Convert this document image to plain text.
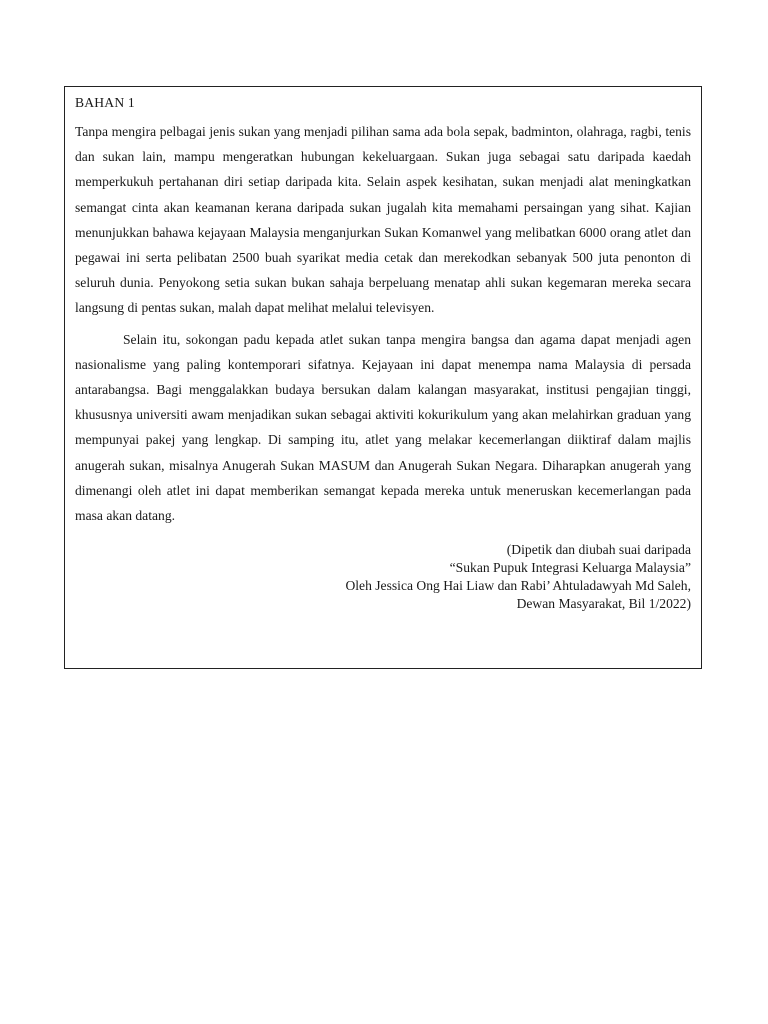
BAHAN 1

Tanpa mengira pelbagai jenis sukan yang menjadi pilihan sama ada bola sepak, badminton, olahraga, ragbi, tenis dan sukan lain, mampu mengeratkan hubungan kekeluargaan. Sukan juga sebagai satu daripada kaedah memperkukuh pertahanan diri setiap daripada kita. Selain aspek kesihatan, sukan menjadi alat meningkatkan semangat cinta akan keamanan kerana daripada sukan jugalah kita memahami persaingan yang sihat. Kajian menunjukkan bahawa kejayaan Malaysia menganjurkan Sukan Komanwel yang melibatkan 6000 orang atlet dan pegawai ini serta pelibatan 2500 buah syarikat media cetak dan merekodkan sebanyak 500 juta penonton di seluruh dunia. Penyokong setia sukan bukan sahaja berpeluang menatap ahli sukan kegemaran mereka secara langsung di pentas sukan, malah dapat melihat melalui televisyen.

Selain itu, sokongan padu kepada atlet sukan tanpa mengira bangsa dan agama dapat menjadi agen nasionalisme yang paling kontemporari sifatnya. Kejayaan ini dapat menempa nama Malaysia di persada antarabangsa. Bagi menggalakkan budaya bersukan dalam kalangan masyarakat, institusi pengajian tinggi, khususnya universiti awam menjadikan sukan sebagai aktiviti kokurikulum yang akan melahirkan graduan yang mempunyai pakej yang lengkap. Di samping itu, atlet yang melakar kecemerlangan diiktiraf dalam majlis anugerah sukan, misalnya Anugerah Sukan MASUM dan Anugerah Sukan Negara. Diharapkan anugerah yang dimenangi oleh atlet ini dapat memberikan semangat kepada mereka untuk meneruskan kecemerlangan pada masa akan datang.

(Dipetik dan diubah suai daripada
“Sukan Pupuk Integrasi Keluarga Malaysia”
Oleh Jessica Ong Hai Liaw dan Rabi’ Ahtuladawyah Md Saleh,
Dewan Masyarakat, Bil 1/2022)
